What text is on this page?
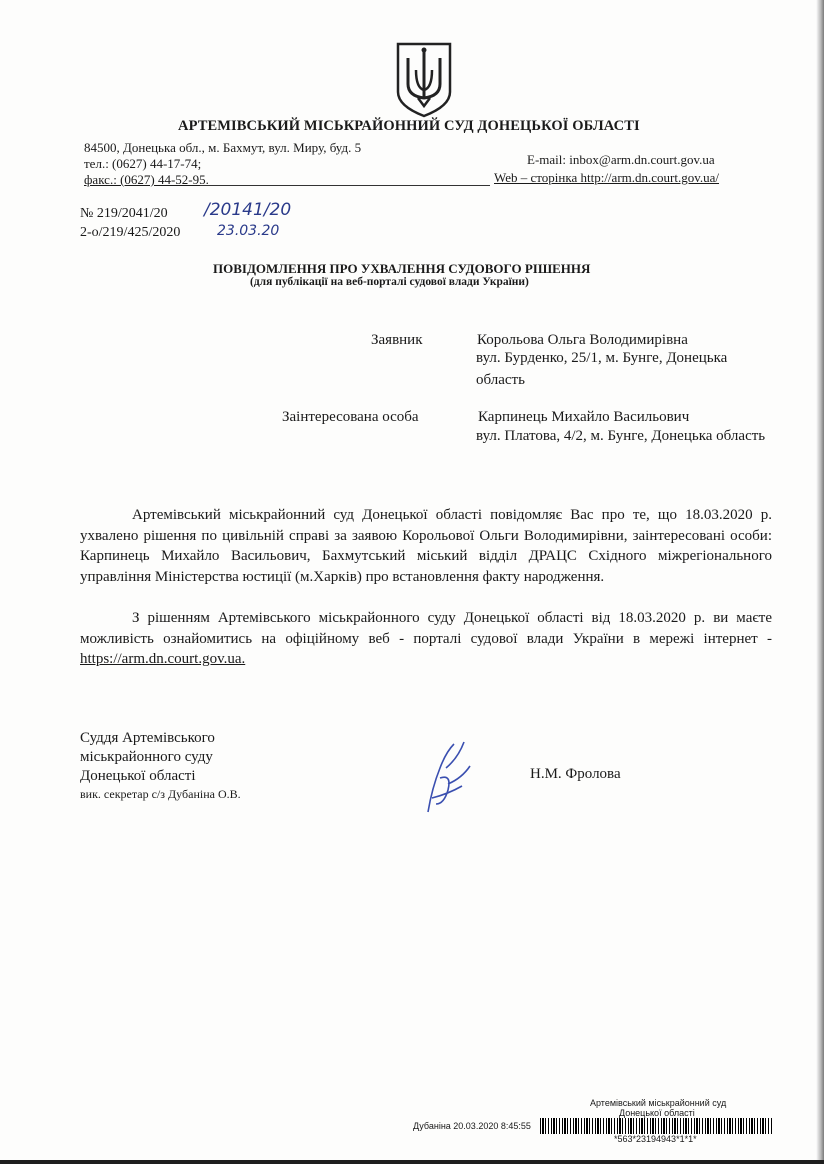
АРТЕМІВСЬКИЙ МІСЬКРАЙОННИЙ СУД ДОНЕЦЬКОЇ ОБЛАСТІ
84500, Донецька обл., м. Бахмут, вул. Миру, буд. 5
тел.: (0627) 44-17-74;
факс.: (0627) 44-52-95.
E-mail: inbox@arm.dn.court.gov.ua
Web – сторінка http://arm.dn.court.gov.ua/
№ 219/2041/20
2-о/219/425/2020
/20141/20
23.03.20
ПОВІДОМЛЕННЯ ПРО УХВАЛЕННЯ СУДОВОГО РІШЕННЯ
(для публікації на веб-порталі судової влади України)
Заявник	Корольова Ольга Володимирівна
вул. Бурденко, 25/1, м. Бунге, Донецька область
Заінтересована особа	Карпинець Михайло Васильович
вул. Платова, 4/2, м. Бунге, Донецька область
Артемівський міськрайонний суд Донецької області повідомляє Вас про те, що 18.03.2020 р. ухвалено рішення по цивільній справі за заявою Корольової Ольги Володимирівни, заінтересовані особи: Карпинець Михайло Васильович, Бахмутський міський відділ ДРАЦС Східного міжрегіонального управління Міністерства юстиції (м.Харків) про встановлення факту народження.
З рішенням Артемівського міськрайонного суду Донецької області від 18.03.2020 р. ви маєте можливість ознайомитись на офіційному веб - порталі судової влади України в мережі інтернет - https://arm.dn.court.gov.ua.
Суддя Артемівського
міськрайонного суду
Донецької області
вик. секретар с/з Дубаніна О.В.
Н.М. Фролова
Артемівський міськрайонний суд
Донецької області
Дубаніна 20.03.2020 8:45:55
*563*23194943*1*1*
